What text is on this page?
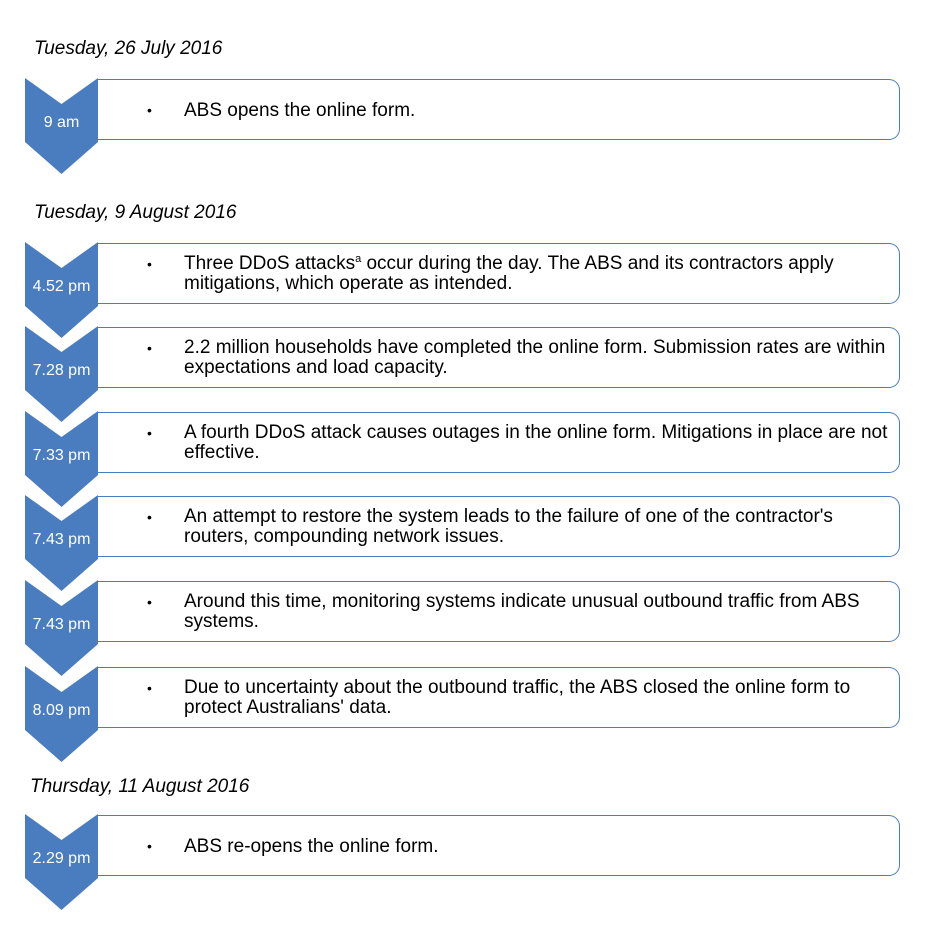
Tuesday, 26 July 2016
9 am
• ABS opens the online form.
Tuesday, 9 August 2016
4.52 pm
• Three DDoS attacks$^a$ occur during the day. The ABS and its contractors apply mitigations, which operate as intended.
7.28 pm
• 2.2 million households have completed the online form. Submission rates are within expectations and load capacity.
7.33 pm
• A fourth DDoS attack causes outages in the online form. Mitigations in place are not effective.
7.43 pm
• An attempt to restore the system leads to the failure of one of the contractor's routers, compounding network issues.
7.43 pm
• Around this time, monitoring systems indicate unusual outbound traffic from ABS systems.
8.09 pm
• Due to uncertainty about the outbound traffic, the ABS closed the online form to protect Australians' data.
Thursday, 11 August 2016
2.29 pm
• ABS re-opens the online form.
